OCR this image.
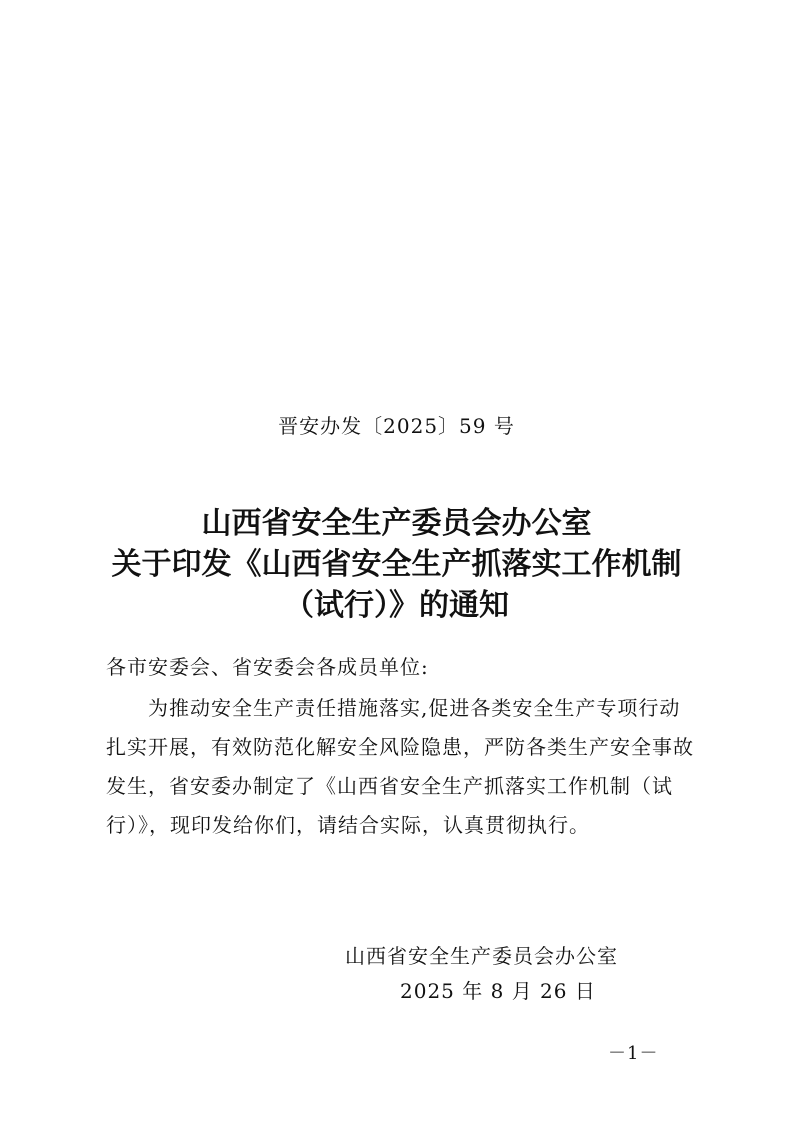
晋安办发〔2025〕59 号
山西省安全生产委员会办公室
关于印发《山西省安全生产抓落实工作机制
（试行）》的通知
各市安委会、省安委会各成员单位:
为推动安全生产责任措施落实,促进各类安全生产专项行动
扎实开展，有效防范化解安全风险隐患，严防各类生产安全事故
发生，省安委办制定了《山西省安全生产抓落实工作机制（试
行）》，现印发给你们，请结合实际，认真贯彻执行。
山西省安全生产委员会办公室
2025 年 8 月 26 日
－1－
